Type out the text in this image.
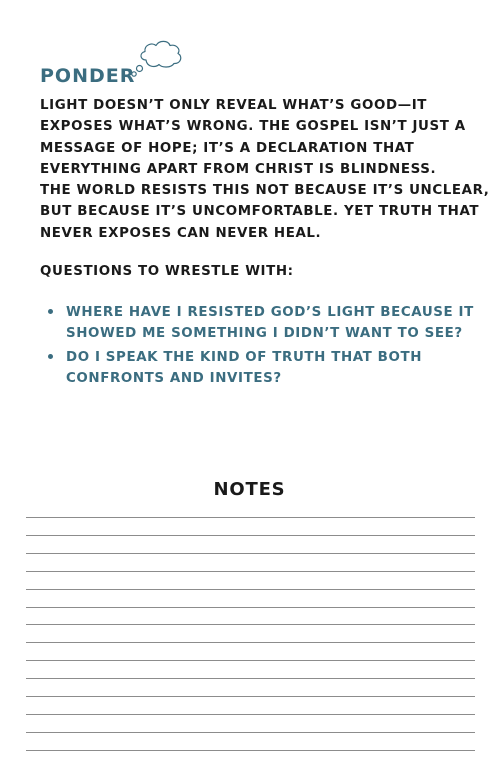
PONDER

LIGHT DOESN’T ONLY REVEAL WHAT’S GOOD—IT
EXPOSES WHAT’S WRONG. THE GOSPEL ISN’T JUST A
MESSAGE OF HOPE; IT’S A DECLARATION THAT
EVERYTHING APART FROM CHRIST IS BLINDNESS.
THE WORLD RESISTS THIS NOT BECAUSE IT’S UNCLEAR,
BUT BECAUSE IT’S UNCOMFORTABLE. YET TRUTH THAT
NEVER EXPOSES CAN NEVER HEAL.

QUESTIONS TO WRESTLE WITH:
WHERE HAVE I RESISTED GOD’S LIGHT BECAUSE IT
SHOWED ME SOMETHING I DIDN’T WANT TO SEE?
DO I SPEAK THE KIND OF TRUTH THAT BOTH
CONFRONTS AND INVITES?
NOTES
